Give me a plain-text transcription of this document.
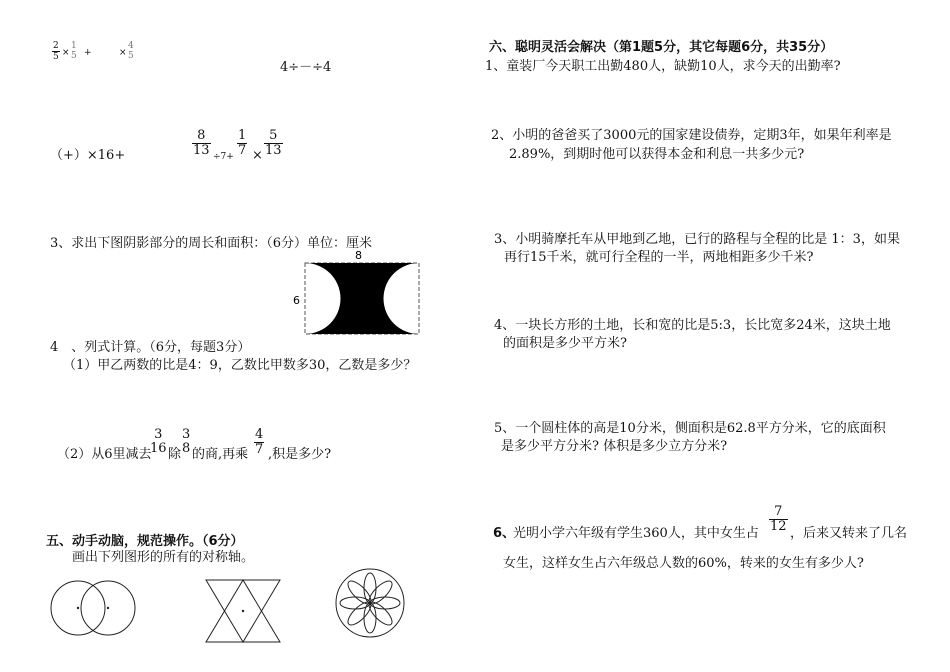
$\frac{2}{5}$ ×
1
5 +	×
4
5
4÷－÷4
（+）×16+	$\frac{8}{13} \div 7+ \frac{1}{7} \times \frac{5}{13}$
3、求出下图阴影部分的周长和面积：（6分）单位：厘米
8
6
4　、列式计算。（6分，每题3分）
（1）甲乙两数的比是4：9，乙数比甲数多30，乙数是多少？
（2）从6里减去
3
16 除
3
8 的商,再乘 $\frac{4}{7}$ ,积是多少?
五、动手动脑，规范操作。（6分）
画出下列图形的所有的对称轴。
六、聪明灵活会解决（第1题5分，其它每题6分，共35分）
1、童装厂今天职工出勤480人，缺勤10人，求今天的出勤率?
2、小明的爸爸买了3000元的国家建设债券，定期3年，如果年利率是
2.89%，到期时他可以获得本金和利息一共多少元?
3、小明骑摩托车从甲地到乙地，已行的路程与全程的比是 1：3，如果
再行15千米，就可行全程的一半，两地相距多少千米?
4、一块长方形的土地，长和宽的比是5:3，长比宽多24米，这块土地
的面积是多少平方米?
5、一个圆柱体的高是10分米，侧面积是62.8平方分米，它的底面积
是多少平方分米? 体积是多少立方分米?
6、
光明小学六年级有学生360人，其中女生占 $\frac{7}{12}$ ，后来又转来了几名
女生，这样女生占六年级总人数的60%，转来的女生有多少人?
